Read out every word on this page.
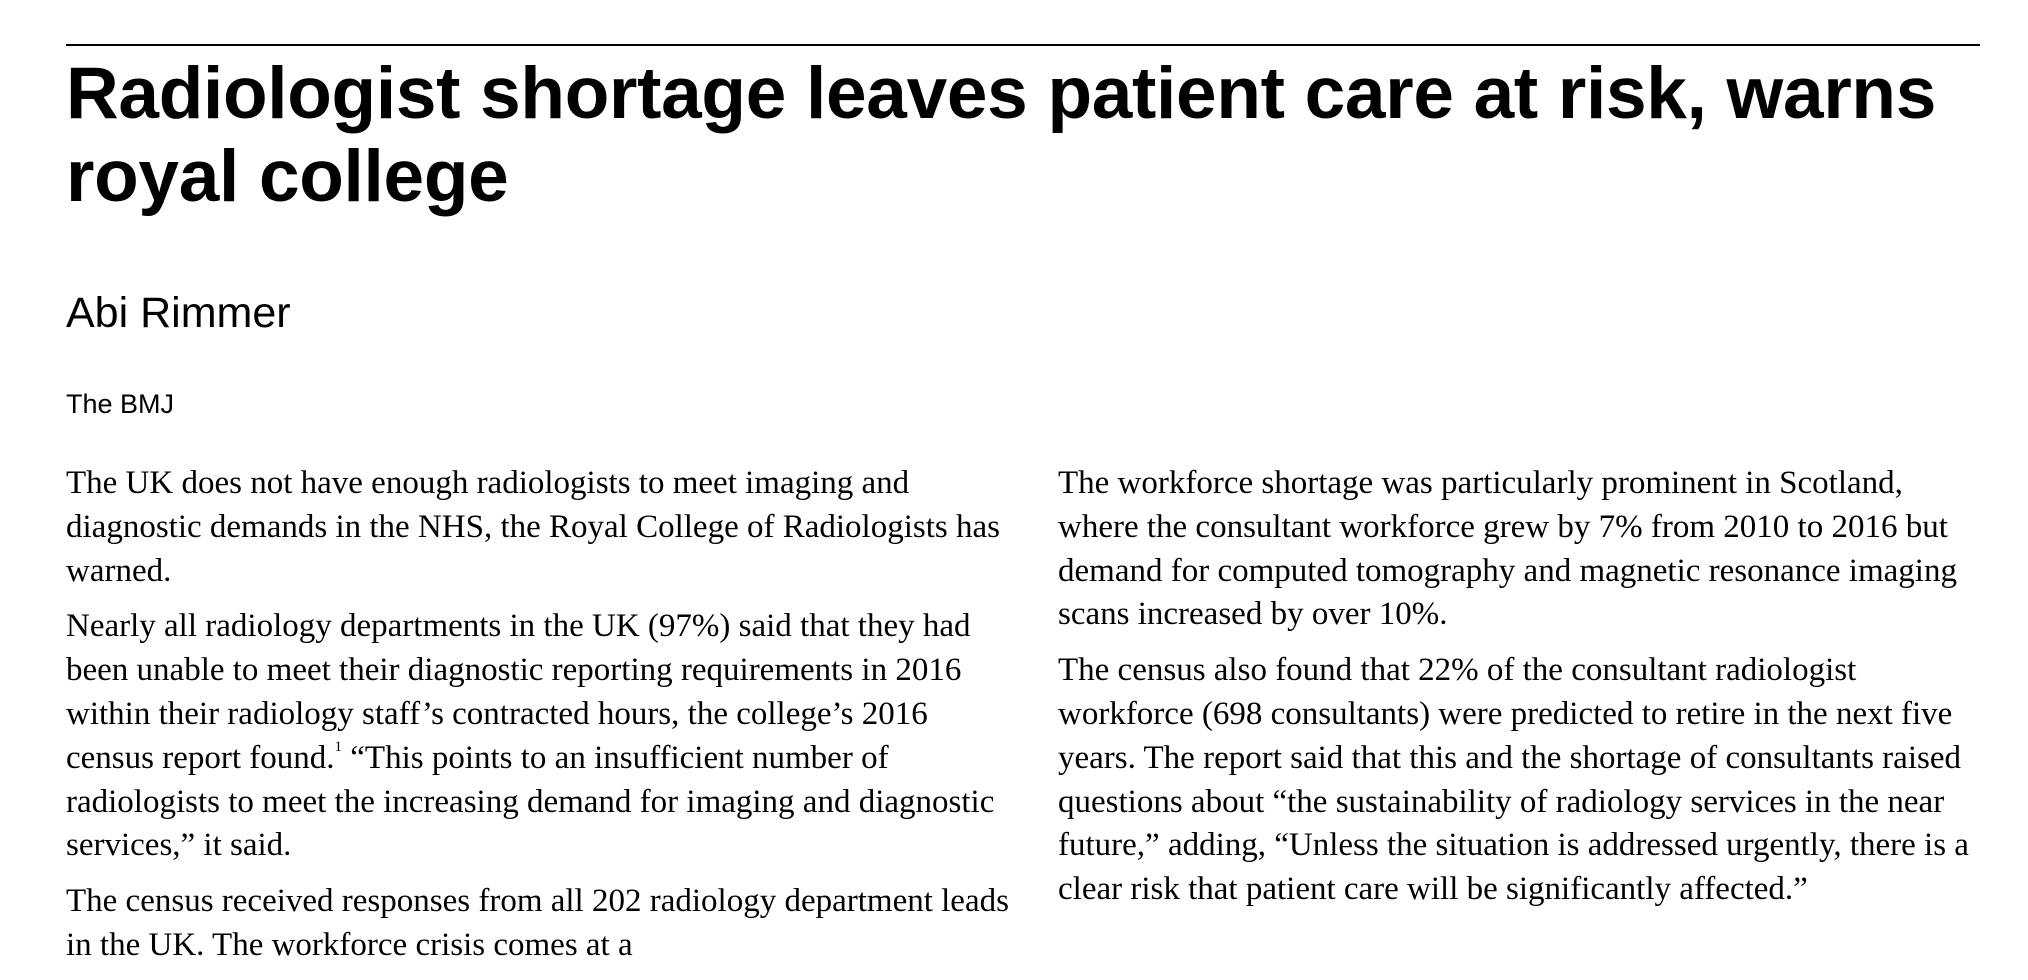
Radiologist shortage leaves patient care at risk, warns royal college
Abi Rimmer
The BMJ

The UK does not have enough radiologists to meet imaging and diagnostic demands in the NHS, the Royal College of Radiologists has warned.

Nearly all radiology departments in the UK (97%) said that they had been unable to meet their diagnostic reporting requirements in 2016 within their radiology staff’s contracted hours, the college’s 2016 census report found.$^1$ “This points to an insufficient number of radiologists to meet the increasing demand for imaging and diagnostic services,” it said.

The census received responses from all 202 radiology department leads in the UK. The workforce crisis comes at a

The workforce shortage was particularly prominent in Scotland, where the consultant workforce grew by 7% from 2010 to 2016 but demand for computed tomography and magnetic resonance imaging scans increased by over 10%.

The census also found that 22% of the consultant radiologist workforce (698 consultants) were predicted to retire in the next five years. The report said that this and the shortage of consultants raised questions about “the sustainability of radiology services in the near future,” adding, “Unless the situation is addressed urgently, there is a clear risk that patient care will be significantly affected.”
